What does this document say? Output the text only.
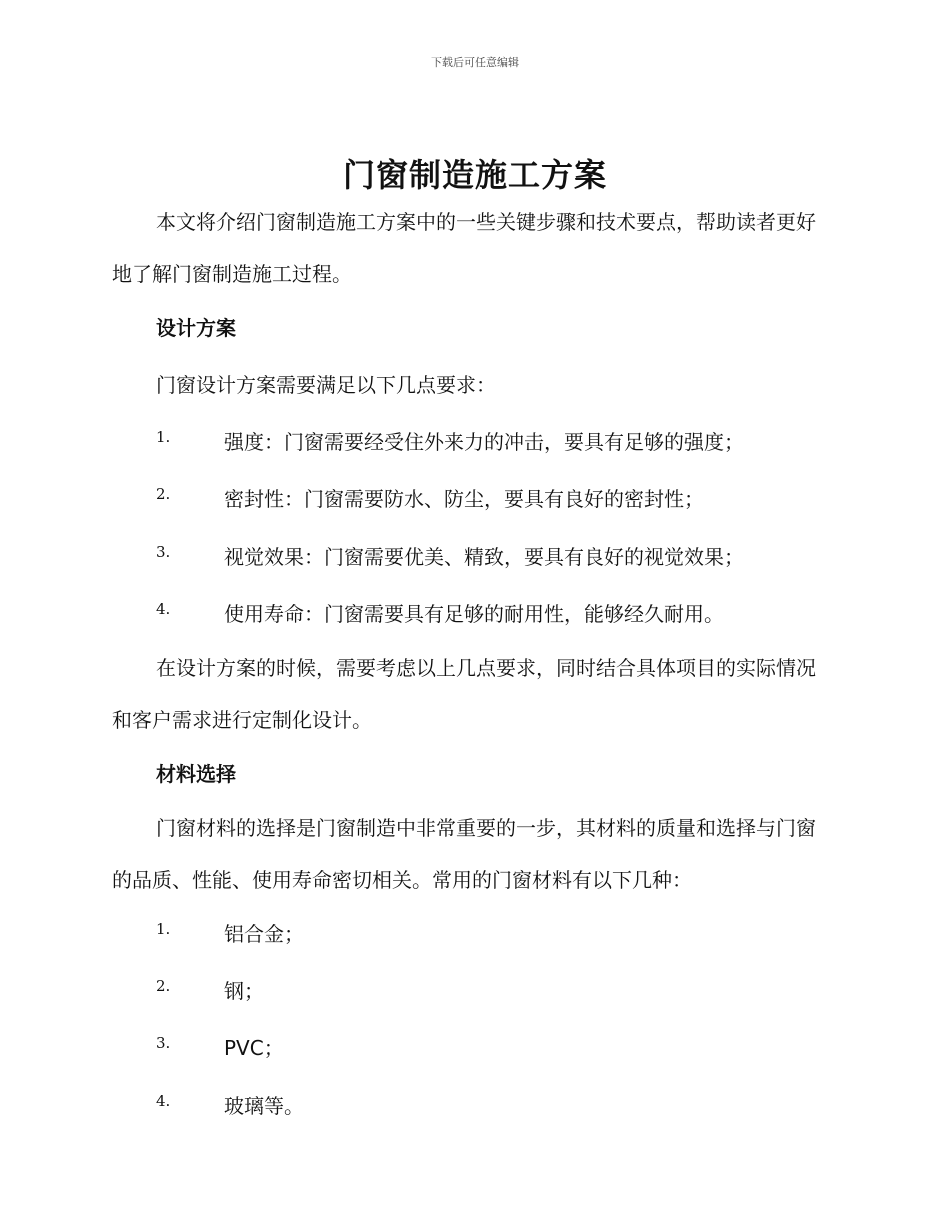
下载后可任意编辑
门窗制造施工方案
本文将介绍门窗制造施工方案中的一些关键步骤和技术要点，帮助读者更好地了解门窗制造施工过程。
设计方案
门窗设计方案需要满足以下几点要求：
1.	强度：门窗需要经受住外来力的冲击，要具有足够的强度；
2.	密封性：门窗需要防水、防尘，要具有良好的密封性；
3.	视觉效果：门窗需要优美、精致，要具有良好的视觉效果；
4.	使用寿命：门窗需要具有足够的耐用性，能够经久耐用。
在设计方案的时候，需要考虑以上几点要求，同时结合具体项目的实际情况和客户需求进行定制化设计。
材料选择
门窗材料的选择是门窗制造中非常重要的一步，其材料的质量和选择与门窗的品质、性能、使用寿命密切相关。常用的门窗材料有以下几种：
1.	铝合金；
2.	钢；
3.	PVC；
4.	玻璃等。
